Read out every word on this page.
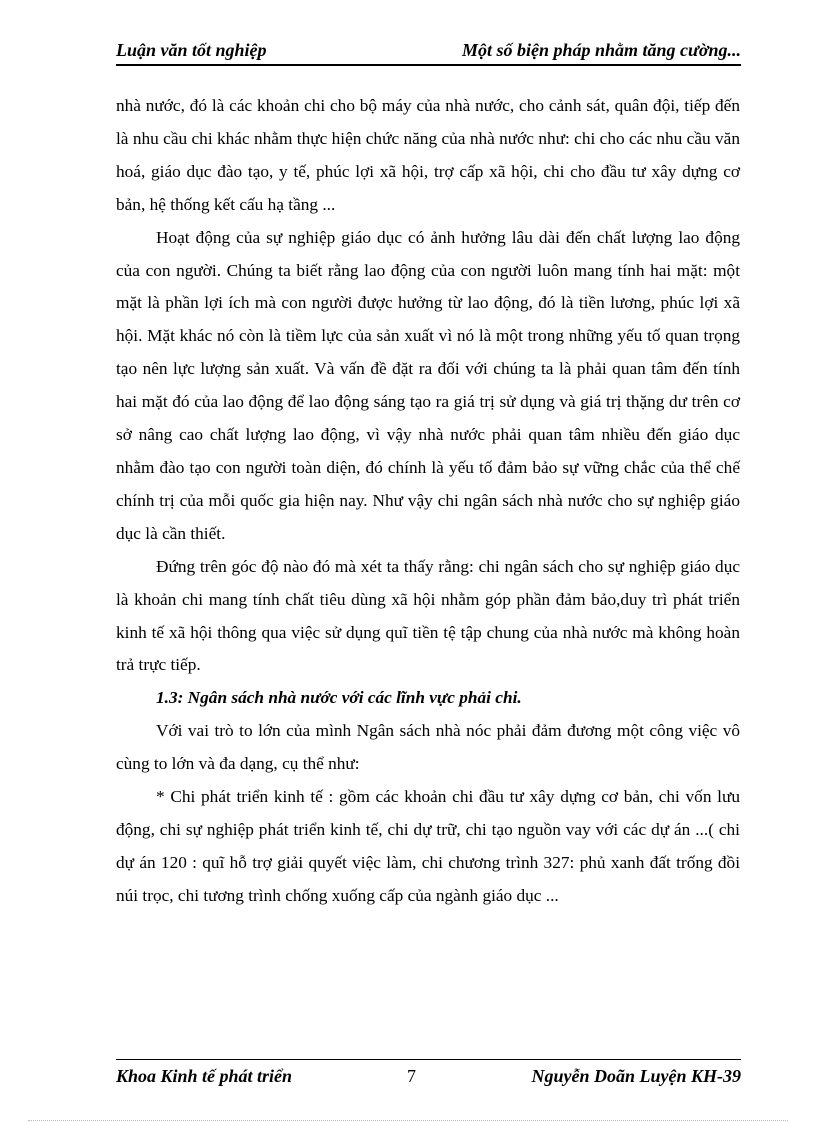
Luận văn tốt nghiệp	Một số biện pháp nhằm tăng cường...

nhà nước, đó là các khoản chi cho bộ máy của nhà nước, cho cảnh sát, quân đội, tiếp đến là nhu cầu chi khác nhằm thực hiện chức năng của nhà nước như: chi cho các nhu cầu văn hoá, giáo dục đào tạo, y tế, phúc lợi xã hội, trợ cấp xã hội, chi cho đầu tư xây dựng cơ bản, hệ thống kết cấu hạ tầng ...

Hoạt động của sự nghiệp giáo dục có ảnh hưởng lâu dài đến chất lượng lao động của con người. Chúng ta biết rằng lao động của con người luôn mang tính hai mặt: một mặt là phần lợi ích mà con người được hưởng từ lao động, đó là tiền lương, phúc lợi xã hội. Mặt khác nó còn là tiềm lực của sản xuất vì nó là một trong những yếu tố quan trọng tạo nên lực lượng sản xuất. Và vấn đề đặt ra đối với chúng ta là phải quan tâm đến tính hai mặt đó của lao động để lao động sáng tạo ra giá trị sử dụng và giá trị thặng dư trên cơ sở nâng cao chất lượng lao động, vì vậy nhà nước phải quan tâm nhiều đến giáo dục nhằm đào tạo con người toàn diện, đó chính là yếu tố đảm bảo sự vững chắc của thể chế chính trị của mỗi quốc gia hiện nay. Như vậy chi ngân sách nhà nước cho sự nghiệp giáo dục là cần thiết.

Đứng trên góc độ nào đó mà xét ta thấy rằng: chi ngân sách cho sự nghiệp giáo dục là khoản chi mang tính chất tiêu dùng xã hội nhằm góp phần đảm bảo,duy trì phát triển kinh tế xã hội thông qua việc sử dụng quĩ tiền tệ tập chung của nhà nước mà không hoàn trả trực tiếp.

1.3: Ngân sách nhà nước với các lĩnh vực phải chi.

Với vai trò to lớn của mình Ngân sách nhà nóc phải đảm đương một công việc vô cùng to lớn và đa dạng, cụ thể như:

* Chi phát triển kinh tế : gồm các khoản chi đầu tư xây dựng cơ bản, chi vốn lưu động, chi sự nghiệp phát triển kinh tế, chi dự trữ, chi tạo nguồn vay với các dự án ...( chi dự án 120 : quĩ hỗ trợ giải quyết việc làm, chi chương trình 327: phủ xanh đất trống đồi núi trọc, chi tương trình chống xuống cấp của ngành giáo dục ...

Khoa Kinh tế phát triển	7	Nguyễn Doãn Luyện KH-39
